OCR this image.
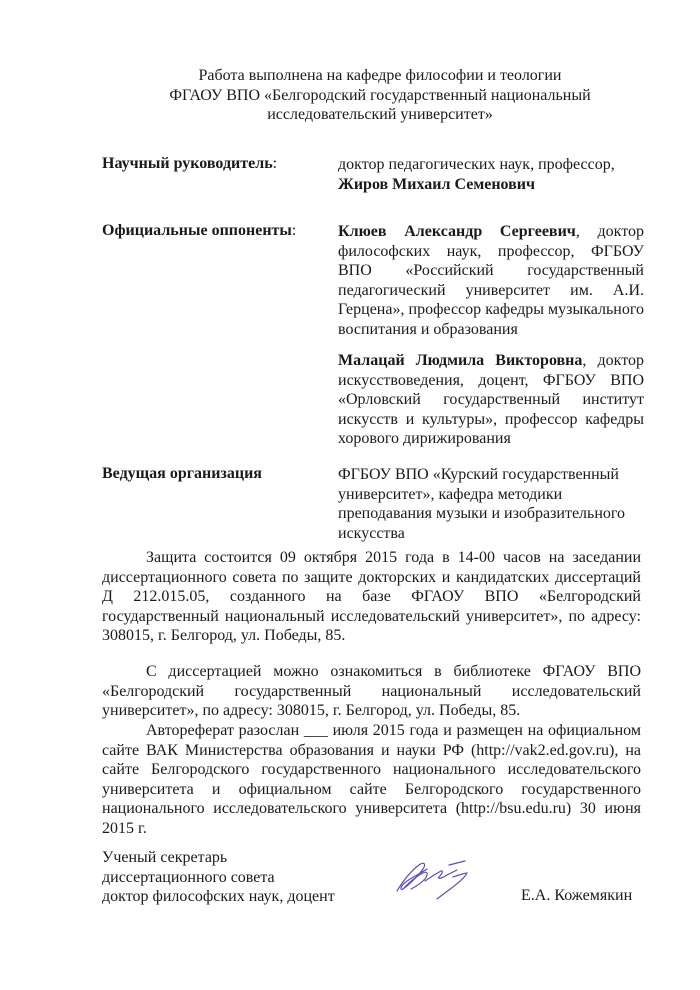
Работа выполнена на кафедре философии и теологии
ФГАОУ ВПО «Белгородский государственный национальный
исследовательский университет»
Научный руководитель:	доктор педагогических наук, профессор,
Жиров Михаил Семенович
Официальные оппоненты:	Клюев Александр Сергеевич, доктор философских наук, профессор, ФГБОУ ВПО «Российский государственный педагогический университет им. А.И. Герцена», профессор кафедры музыкального воспитания и образования
Малацай Людмила Викторовна, доктор искусствоведения, доцент, ФГБОУ ВПО «Орловский государственный институт искусств и культуры», профессор кафедры хорового дирижирования
Ведущая организация	ФГБОУ ВПО «Курский государственный
университет», кафедра методики
преподавания музыки и изобразительного
искусства
Защита состоится 09 октября 2015 года в 14-00 часов на заседании диссертационного совета по защите докторских и кандидатских диссертаций Д 212.015.05, созданного на базе ФГАОУ ВПО «Белгородский государственный национальный исследовательский университет», по адресу: 308015, г. Белгород, ул. Победы, 85.
С диссертацией можно ознакомиться в библиотеке ФГАОУ ВПО «Белгородский государственный национальный исследовательский университет», по адресу: 308015, г. Белгород, ул. Победы, 85.
Автореферат разослан ___ июля 2015 года и размещен на официальном сайте ВАК Министерства образования и науки РФ (http://vak2.ed.gov.ru), на сайте Белгородского государственного национального исследовательского университета и официальном сайте Белгородского государственного национального исследовательского университета (http://bsu.edu.ru) 30 июня 2015 г.
Ученый секретарь
диссертационного совета
доктор философских наук, доцент	Е.А. Кожемякин
